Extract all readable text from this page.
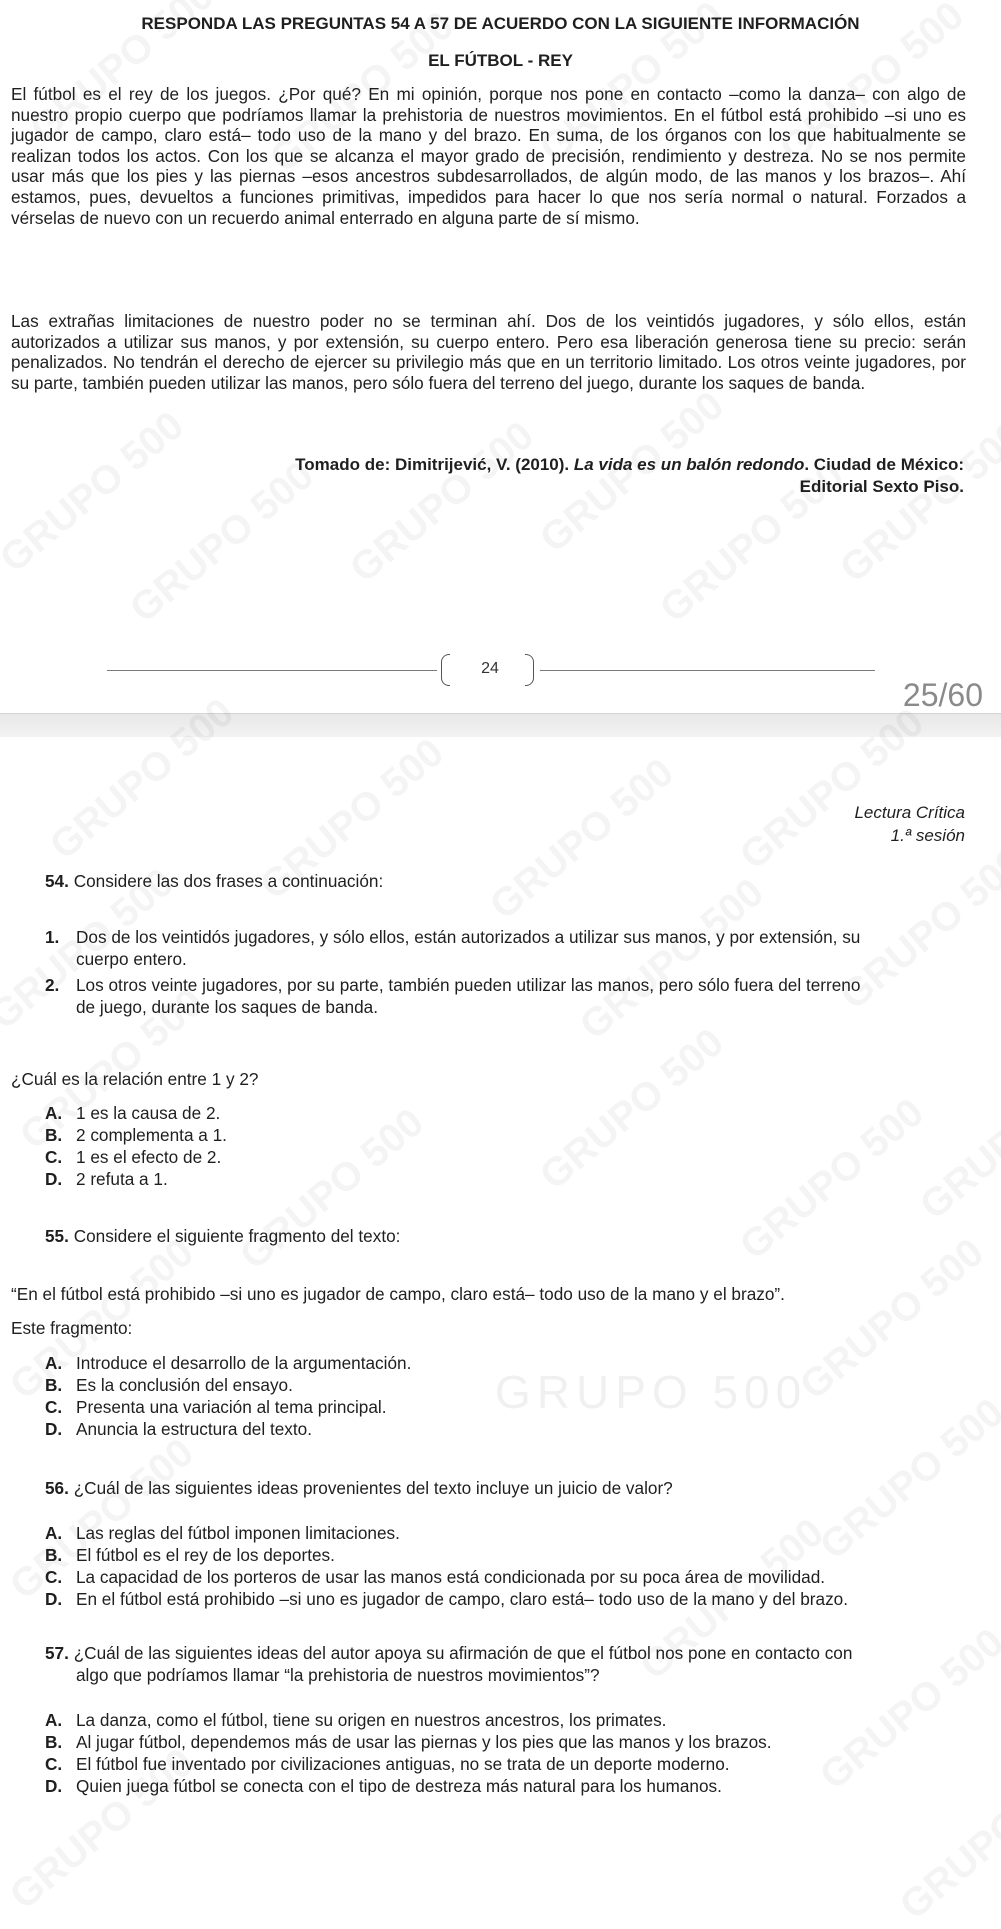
RESPONDA LAS PREGUNTAS 54 A 57 DE ACUERDO CON LA SIGUIENTE INFORMACIÓN
EL FÚTBOL - REY

El fútbol es el rey de los juegos. ¿Por qué? En mi opinión, porque nos pone en contacto –como la danza– con algo de nuestro propio cuerpo que podríamos llamar la prehistoria de nuestros movimientos. En el fútbol está prohibido –si uno es jugador de campo, claro está– todo uso de la mano y del brazo. En suma, de los órganos con los que habitualmente se realizan todos los actos. Con los que se alcanza el mayor grado de precisión, rendimiento y destreza. No se nos permite usar más que los pies y las piernas –esos ancestros subdesarrollados, de algún modo, de las manos y los brazos–. Ahí estamos, pues, devueltos a funciones primitivas, impedidos para hacer lo que nos sería normal o natural. Forzados a vérselas de nuevo con un recuerdo animal enterrado en alguna parte de sí mismo.

Las extrañas limitaciones de nuestro poder no se terminan ahí. Dos de los veintidós jugadores, y sólo ellos, están autorizados a utilizar sus manos, y por extensión, su cuerpo entero. Pero esa liberación generosa tiene su precio: serán penalizados. No tendrán el derecho de ejercer su privilegio más que en un territorio limitado. Los otros veinte jugadores, por su parte, también pueden utilizar las manos, pero sólo fuera del terreno del juego, durante los saques de banda.

Tomado de: Dimitrijević, V. (2010). La vida es un balón redondo. Ciudad de México: Editorial Sexto Piso.

24
25/60
GRUPO 500
Lectura Crítica
1.ª sesión
54. Considere las dos frases a continuación:
1. Dos de los veintidós jugadores, y sólo ellos, están autorizados a utilizar sus manos, y por extensión, su
cuerpo entero.
2. Los otros veinte jugadores, por su parte, también pueden utilizar las manos, pero sólo fuera del terreno
de juego, durante los saques de banda.
¿Cuál es la relación entre 1 y 2?
A. 1 es la causa de 2.
B. 2 complementa a 1.
C. 1 es el efecto de 2.
D. 2 refuta a 1.
55. Considere el siguiente fragmento del texto:
“En el fútbol está prohibido –si uno es jugador de campo, claro está– todo uso de la mano y el brazo”.
Este fragmento:
A. Introduce el desarrollo de la argumentación.
B. Es la conclusión del ensayo.
C. Presenta una variación al tema principal.
D. Anuncia la estructura del texto.
56. ¿Cuál de las siguientes ideas provenientes del texto incluye un juicio de valor?
A. Las reglas del fútbol imponen limitaciones.
B. El fútbol es el rey de los deportes.
C. La capacidad de los porteros de usar las manos está condicionada por su poca área de movilidad.
D. En el fútbol está prohibido –si uno es jugador de campo, claro está– todo uso de la mano y del brazo.
57. ¿Cuál de las siguientes ideas del autor apoya su afirmación de que el fútbol nos pone en contacto con
algo que podríamos llamar “la prehistoria de nuestros movimientos”?
A. La danza, como el fútbol, tiene su origen en nuestros ancestros, los primates.
B. Al jugar fútbol, dependemos más de usar las piernas y los pies que las manos y los brazos.
C. El fútbol fue inventado por civilizaciones antiguas, no se trata de un deporte moderno.
D. Quien juega fútbol se conecta con el tipo de destreza más natural para los humanos.
